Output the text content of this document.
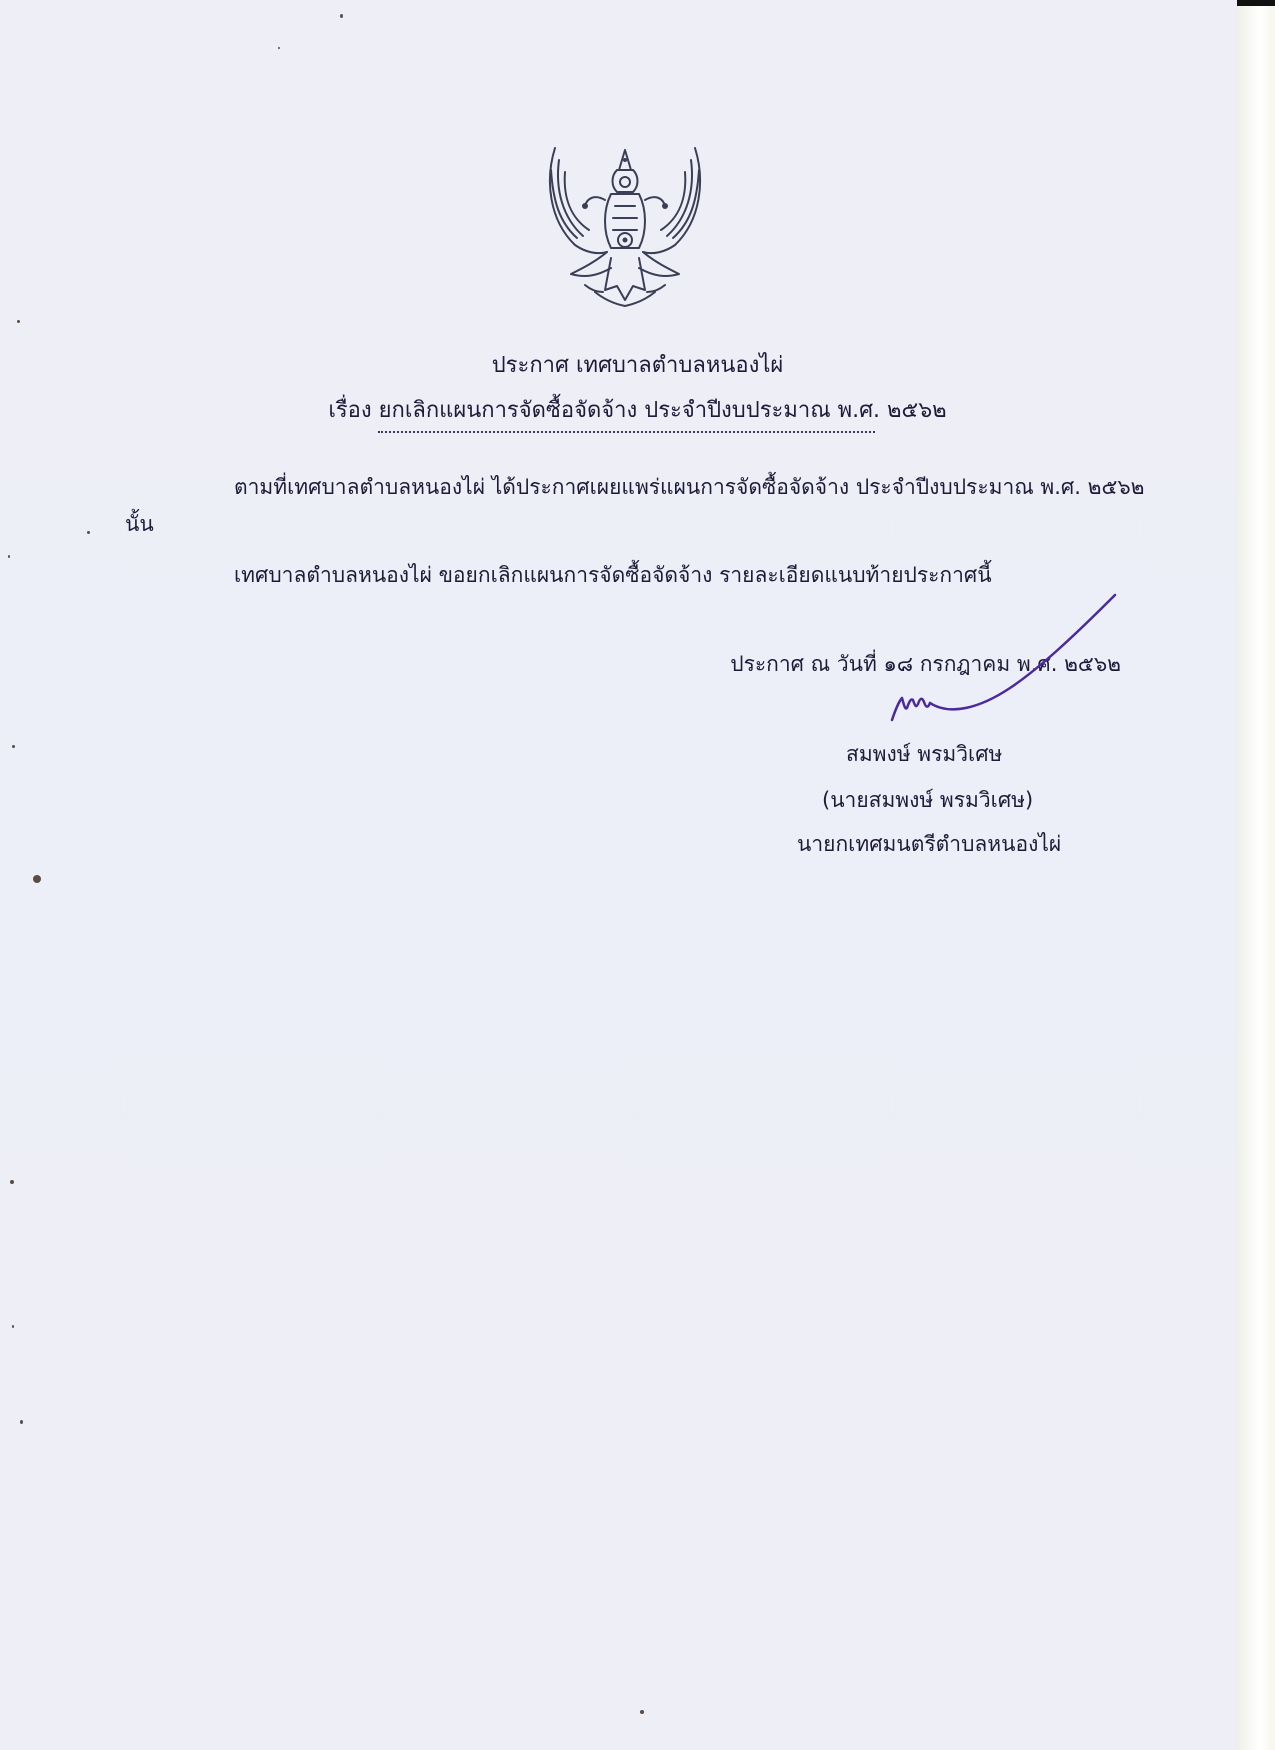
ประกาศ เทศบาลตำบลหนองไผ่
เรื่อง ยกเลิกแผนการจัดซื้อจัดจ้าง ประจำปีงบประมาณ พ.ศ. ๒๕๖๒
ตามที่เทศบาลตำบลหนองไผ่ ได้ประกาศเผยแพร่แผนการจัดซื้อจัดจ้าง ประจำปีงบประมาณ พ.ศ. ๒๕๖๒
นั้น
เทศบาลตำบลหนองไผ่ ขอยกเลิกแผนการจัดซื้อจัดจ้าง รายละเอียดแนบท้ายประกาศนี้
ประกาศ ณ วันที่ ๑๘ กรกฎาคม พ.ศ. ๒๕๖๒
สมพงษ์ พรมวิเศษ
(นายสมพงษ์ พรมวิเศษ)
นายกเทศมนตรีตำบลหนองไผ่
